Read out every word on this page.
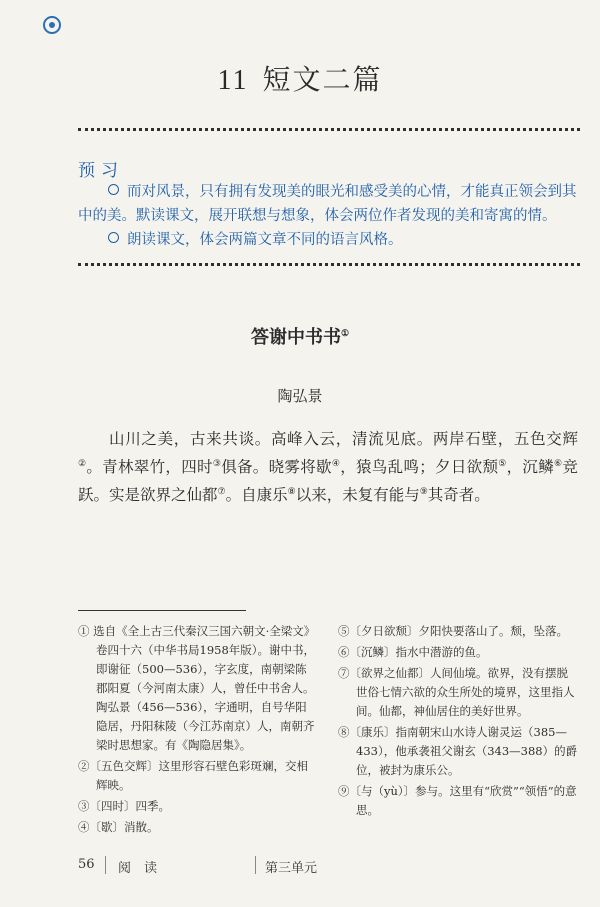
11 短文二篇
预习
而对风景，只有拥有发现美的眼光和感受美的心情，才能真正领会到其中的美。默读课文，展开联想与想象，体会两位作者发现的美和寄寓的情。
朗读课文，体会两篇文章不同的语言风格。
答谢中书书①
陶弘景
山川之美，古来共谈。高峰入云，清流见底。两岸石壁，五色交辉②。青林翠竹，四时③俱备。晓雾将歇④，猿鸟乱鸣；夕日欲颓⑤，沉鳞⑥竞跃。实是欲界之仙都⑦。自康乐⑧以来，未复有能与⑨其奇者。

① 选自《全上古三代秦汉三国六朝文·全梁文》卷四十六（中华书局1958年版）。谢中书，即谢征（500—536），字玄度，南朝梁陈郡阳夏（今河南太康）人，曾任中书舍人。陶弘景（456—536），字通明，自号华阳隐居，丹阳秣陵（今江苏南京）人，南朝齐梁时思想家。有《陶隐居集》。

②〔五色交辉〕这里形容石壁色彩斑斓，交相辉映。

③〔四时〕四季。

④〔歇〕消散。

⑤〔夕日欲颓〕夕阳快要落山了。颓，坠落。

⑥〔沉鳞〕指水中潜游的鱼。

⑦〔欲界之仙都〕人间仙境。欲界，没有摆脱世俗七情六欲的众生所处的境界，这里指人间。仙都，神仙居住的美好世界。

⑧〔康乐〕指南朝宋山水诗人谢灵运（385—433），他承袭祖父谢玄（343—388）的爵位，被封为康乐公。

⑨〔与（yù）〕参与。这里有“欣赏”“领悟”的意思。

56 阅　读	第三单元
